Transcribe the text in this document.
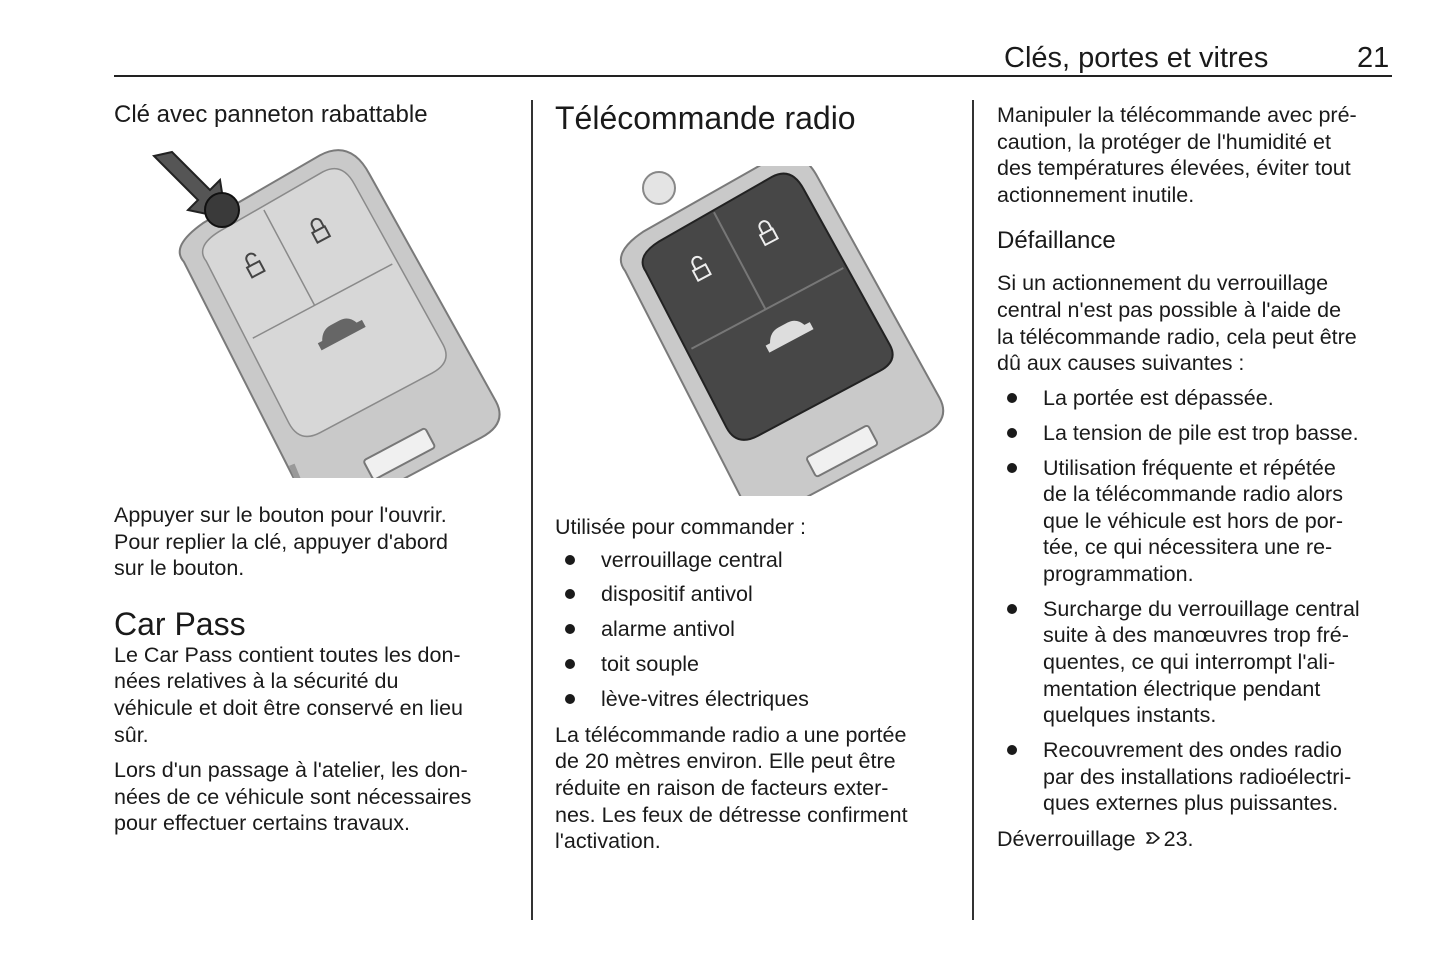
Clés, portes et vitres	21
Clé avec panneton rabattable

Appuyer sur le bouton pour l'ouvrir.

Pour replier la clé, appuyer d'abord

sur le bouton.

Car Pass

Le Car Pass contient toutes les don-

nées relatives à la sécurité du

véhicule et doit être conservé en lieu

sûr.

Lors d'un passage à l'atelier, les don-

nées de ce véhicule sont nécessaires

pour effectuer certains travaux.

Télécommande radio

Utilisée pour commander :

verrouillage central
dispositif antivol
alarme antivol
toit souple
lève-vitres électriques

La télécommande radio a une portée

de 20 mètres environ. Elle peut être

réduite en raison de facteurs exter-

nes. Les feux de détresse confirment

l'activation.

Manipuler la télécommande avec pré-

caution, la protéger de l'humidité et

des températures élevées, éviter tout

actionnement inutile.

Défaillance

Si un actionnement du verrouillage

central n'est pas possible à l'aide de

la télécommande radio, cela peut être

dû aux causes suivantes :

La portée est dépassée.
La tension de pile est trop basse.
Utilisation fréquente et répétée
de la télécommande radio alors
que le véhicule est hors de por-
tée, ce qui nécessitera une re-
programmation.
Surcharge du verrouillage central
suite à des manœuvres trop fré-
quentes, ce qui interrompt l'ali-
mentation électrique pendant
quelques instants.
Recouvrement des ondes radio
par des installations radioélectri-
ques externes plus puissantes.

Déverrouillage 23.
